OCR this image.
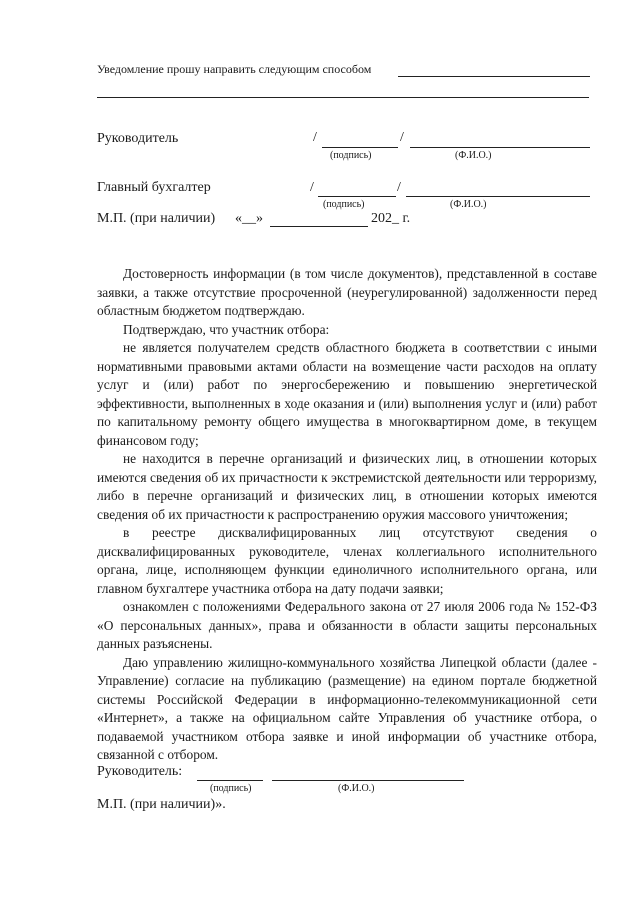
Уведомление прошу направить следующим способом
Руководитель	/	/
(подпись)	(Ф.И.О.)
Главный бухгалтер	/	/
(подпись)	(Ф.И.О.)
М.П. (при наличии) «__»	202_ г.

Достоверность информации (в том числе документов), представленной в составе заявки, а также отсутствие просроченной (неурегулированной) задолженности перед областным бюджетом подтверждаю.

Подтверждаю, что участник отбора:

не является получателем средств областного бюджета в соответствии с иными нормативными правовыми актами области на возмещение части расходов на оплату услуг и (или) работ по энергосбережению и повышению энергетической эффективности, выполненных в ходе оказания и (или) выполнения услуг и (или) работ по капитальному ремонту общего имущества в многоквартирном доме, в текущем финансовом году;

не находится в перечне организаций и физических лиц, в отношении которых имеются сведения об их причастности к экстремистской деятельности или терроризму, либо в перечне организаций и физических лиц, в отношении которых имеются сведения об их причастности к распространению оружия массового уничтожения;

в реестре дисквалифицированных лиц отсутствуют сведения о дисквалифицированных руководителе, членах коллегиального исполнительного органа, лице, исполняющем функции единоличного исполнительного органа, или главном бухгалтере участника отбора на дату подачи заявки;

ознакомлен с положениями Федерального закона от 27 июля 2006 года № 152-ФЗ «О персональных данных», права и обязанности в области защиты персональных данных разъяснены.

Даю управлению жилищно-коммунального хозяйства Липецкой области (далее - Управление) согласие на публикацию (размещение) на едином портале бюджетной системы Российской Федерации в информационно-телекоммуникационной сети «Интернет», а также на официальном сайте Управления об участнике отбора, о подаваемой участником отбора заявке и иной информации об участнике отбора, связанной с отбором.

Руководитель:
(подпись)	(Ф.И.О.)
М.П. (при наличии)».
